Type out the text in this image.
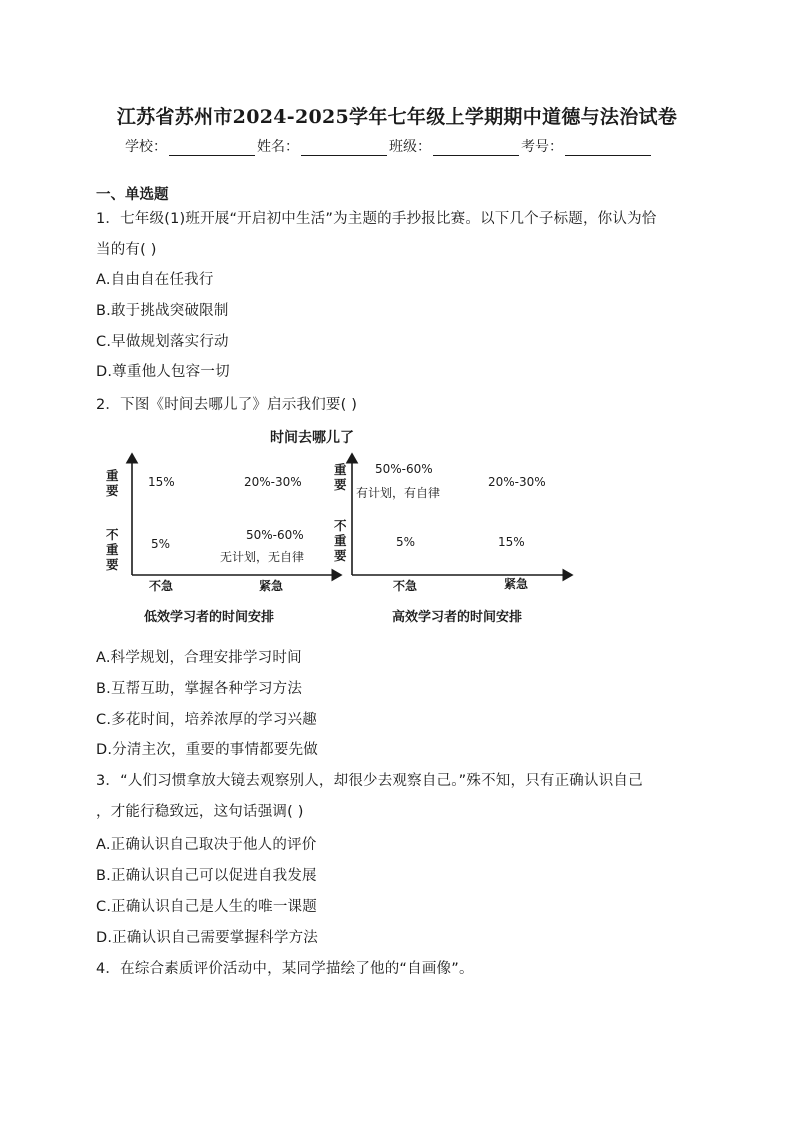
江苏省苏州市2024-2025学年七年级上学期期中道德与法治试卷
学校：	姓名：	班级：	考号：
一、单选题
1．七年级(1)班开展“开启初中生活”为主题的手抄报比赛。以下几个子标题，你认为恰
当的有( )
A.自由自在任我行
B.敢于挑战突破限制
C.早做规划落实行动
D.尊重他人包容一切
2．下图《时间去哪儿了》启示我们要( )
时间去哪儿了
重要
不重要
15%	20%-30%
5%
50%-60%
无计划，无自律
不急	紧急
低效学习者的时间安排
重要
不重要
50%-60%
有计划，有自律
20%-30%
5%	15%
不急	紧急
高效学习者的时间安排
A.科学规划，合理安排学习时间
B.互帮互助，掌握各种学习方法
C.多花时间，培养浓厚的学习兴趣
D.分清主次，重要的事情都要先做
3．“人们习惯拿放大镜去观察别人，却很少去观察自己。”殊不知，只有正确认识自己
，才能行稳致远，这句话强调( )
A.正确认识自己取决于他人的评价
B.正确认识自己可以促进自我发展
C.正确认识自己是人生的唯一课题
D.正确认识自己需要掌握科学方法
4．在综合素质评价活动中，某同学描绘了他的“自画像”。
